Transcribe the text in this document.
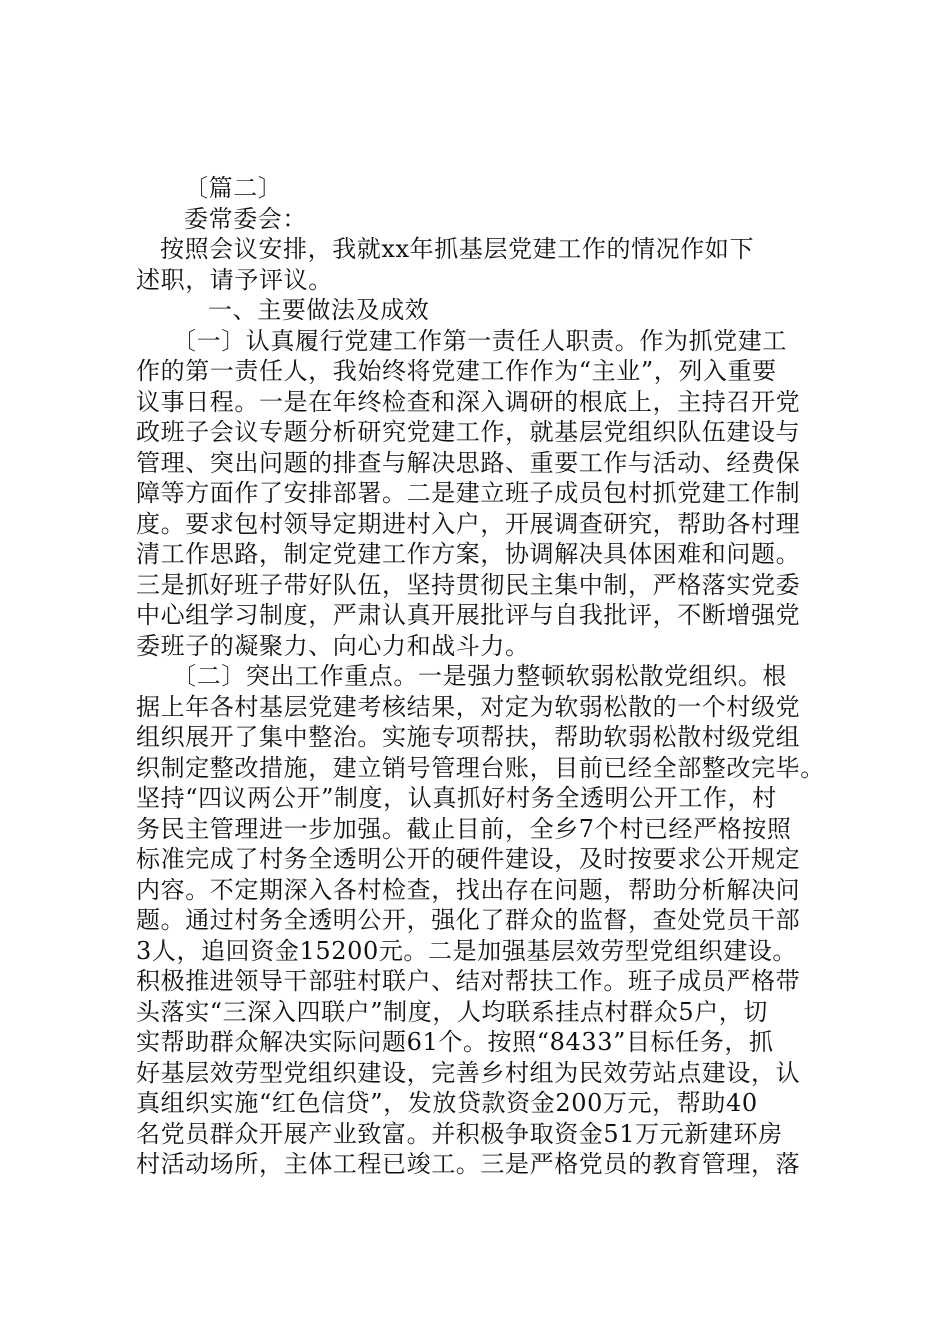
〔篇二〕
委常委会：
按照会议安排，我就xx年抓基层党建工作的情况作如下
述职，请予评议。
一、主要做法及成效
〔一〕认真履行党建工作第一责任人职责。作为抓党建工
作的第一责任人，我始终将党建工作作为“主业”，列入重要
议事日程。一是在年终检查和深入调研的根底上，主持召开党
政班子会议专题分析研究党建工作，就基层党组织队伍建设与
管理、突出问题的排查与解决思路、重要工作与活动、经费保
障等方面作了安排部署。二是建立班子成员包村抓党建工作制
度。要求包村领导定期进村入户，开展调查研究，帮助各村理
清工作思路，制定党建工作方案，协调解决具体困难和问题。
三是抓好班子带好队伍，坚持贯彻民主集中制，严格落实党委
中心组学习制度，严肃认真开展批评与自我批评，不断增强党
委班子的凝聚力、向心力和战斗力。
〔二〕突出工作重点。一是强力整顿软弱松散党组织。根
据上年各村基层党建考核结果，对定为软弱松散的一个村级党
组织展开了集中整治。实施专项帮扶，帮助软弱松散村级党组
织制定整改措施，建立销号管理台账，目前已经全部整改完毕。
坚持“四议两公开”制度，认真抓好村务全透明公开工作，村
务民主管理进一步加强。截止目前，全乡7个村已经严格按照
标准完成了村务全透明公开的硬件建设，及时按要求公开规定
内容。不定期深入各村检查，找出存在问题，帮助分析解决问
题。通过村务全透明公开，强化了群众的监督，查处党员干部
3人，追回资金15200元。二是加强基层效劳型党组织建设。
积极推进领导干部驻村联户、结对帮扶工作。班子成员严格带
头落实“三深入四联户”制度，人均联系挂点村群众5户，切
实帮助群众解决实际问题61个。按照“8433”目标任务，抓
好基层效劳型党组织建设，完善乡村组为民效劳站点建设，认
真组织实施“红色信贷”，发放贷款资金200万元，帮助40
名党员群众开展产业致富。并积极争取资金51万元新建环房
村活动场所，主体工程已竣工。三是严格党员的教育管理，落
